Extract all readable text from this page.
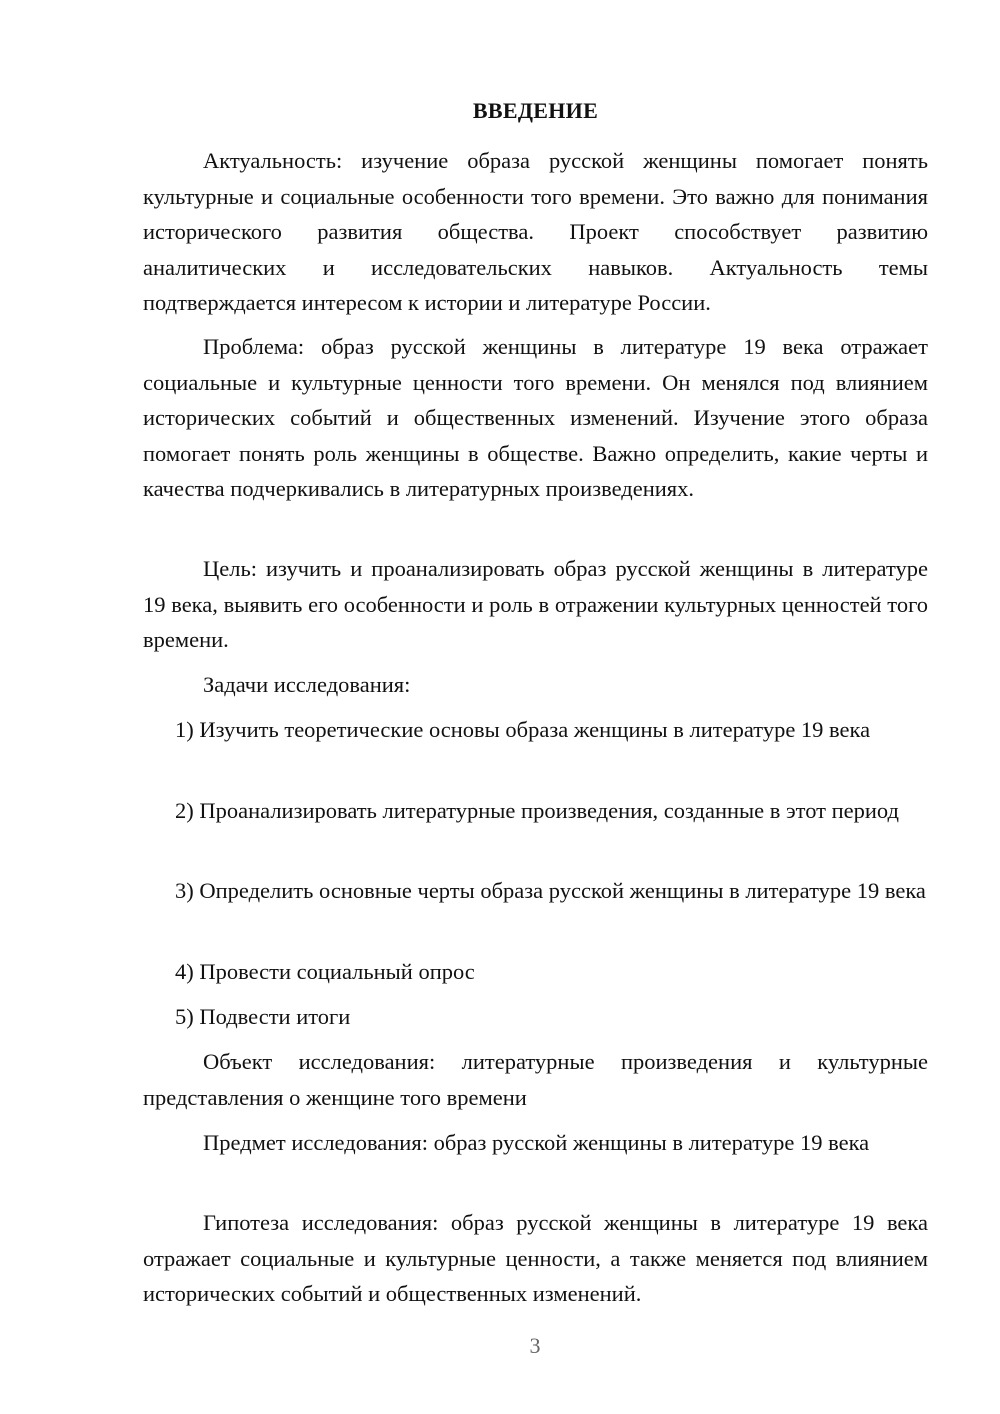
ВВЕДЕНИЕ

Актуальность: изучение образа русской женщины помогает понять культурные и социальные особенности того времени. Это важно для понимания исторического развития общества. Проект способствует развитию аналитических и исследовательских навыков. Актуальность темы подтверждается интересом к истории и литературе России.

Проблема: образ русской женщины в литературе 19 века отражает социальные и культурные ценности того времени. Он менялся под влиянием исторических событий и общественных изменений. Изучение этого образа помогает понять роль женщины в обществе. Важно определить, какие черты и качества подчеркивались в литературных произведениях.

Цель: изучить и проанализировать образ русской женщины в литературе 19 века, выявить его особенности и роль в отражении культурных ценностей того времени.

Задачи исследования:

1) Изучить теоретические основы образа женщины в литературе 19 века

2) Проанализировать литературные произведения, созданные в этот период

3) Определить основные черты образа русской женщины в литературе 19 века

4) Провести социальный опрос

5) Подвести итоги

Объект исследования: литературные произведения и культурные представления о женщине того времени

Предмет исследования: образ русской женщины в литературе 19 века

Гипотеза исследования: образ русской женщины в литературе 19 века отражает социальные и культурные ценности, а также меняется под влиянием исторических событий и общественных изменений.

3
